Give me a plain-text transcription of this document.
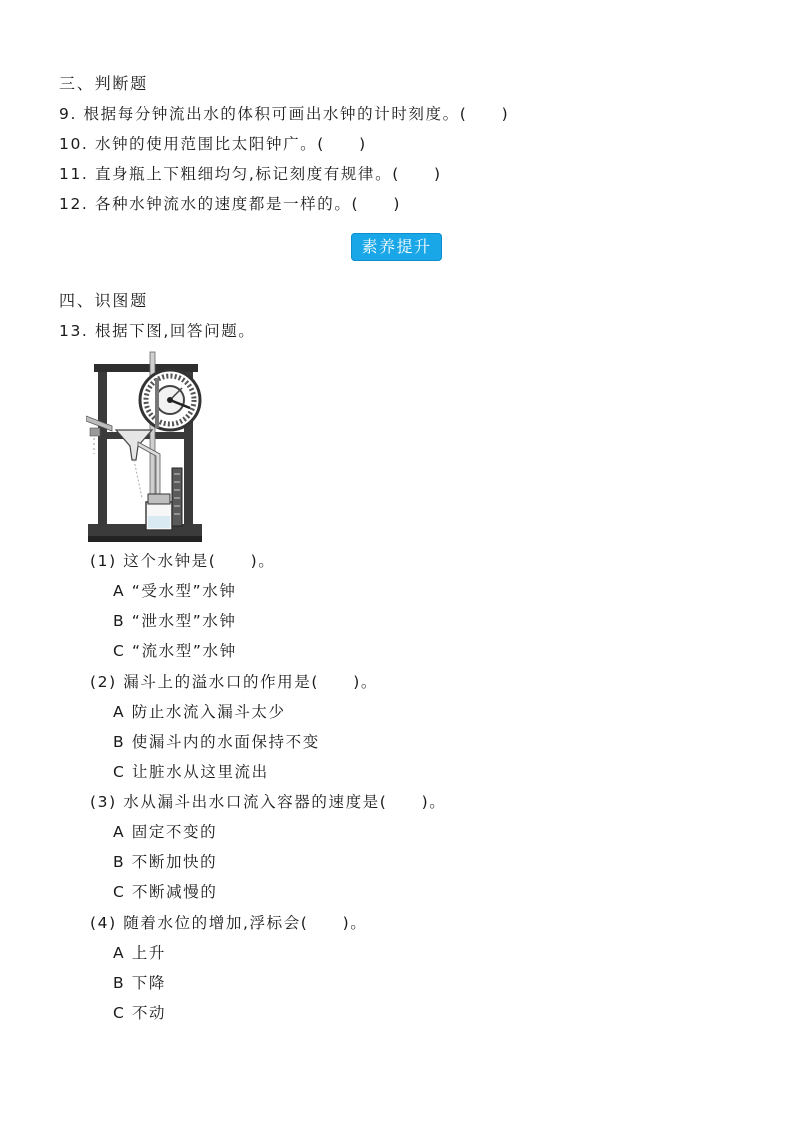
三、判断题
9. 根据每分钟流出水的体积可画出水钟的计时刻度。(　　)
10. 水钟的使用范围比太阳钟广。(　　)
11. 直身瓶上下粗细均匀,标记刻度有规律。(　　)
12. 各种水钟流水的速度都是一样的。(　　)
素养提升
四、识图题
13. 根据下图,回答问题。
(1) 这个水钟是(　　)。
A “受水型”水钟
B “泄水型”水钟
C “流水型”水钟
(2) 漏斗上的溢水口的作用是(　　)。
A 防止水流入漏斗太少
B 使漏斗内的水面保持不变
C 让脏水从这里流出
(3) 水从漏斗出水口流入容器的速度是(　　)。
A 固定不变的
B 不断加快的
C 不断减慢的
(4) 随着水位的增加,浮标会(　　)。
A 上升
B 下降
C 不动
